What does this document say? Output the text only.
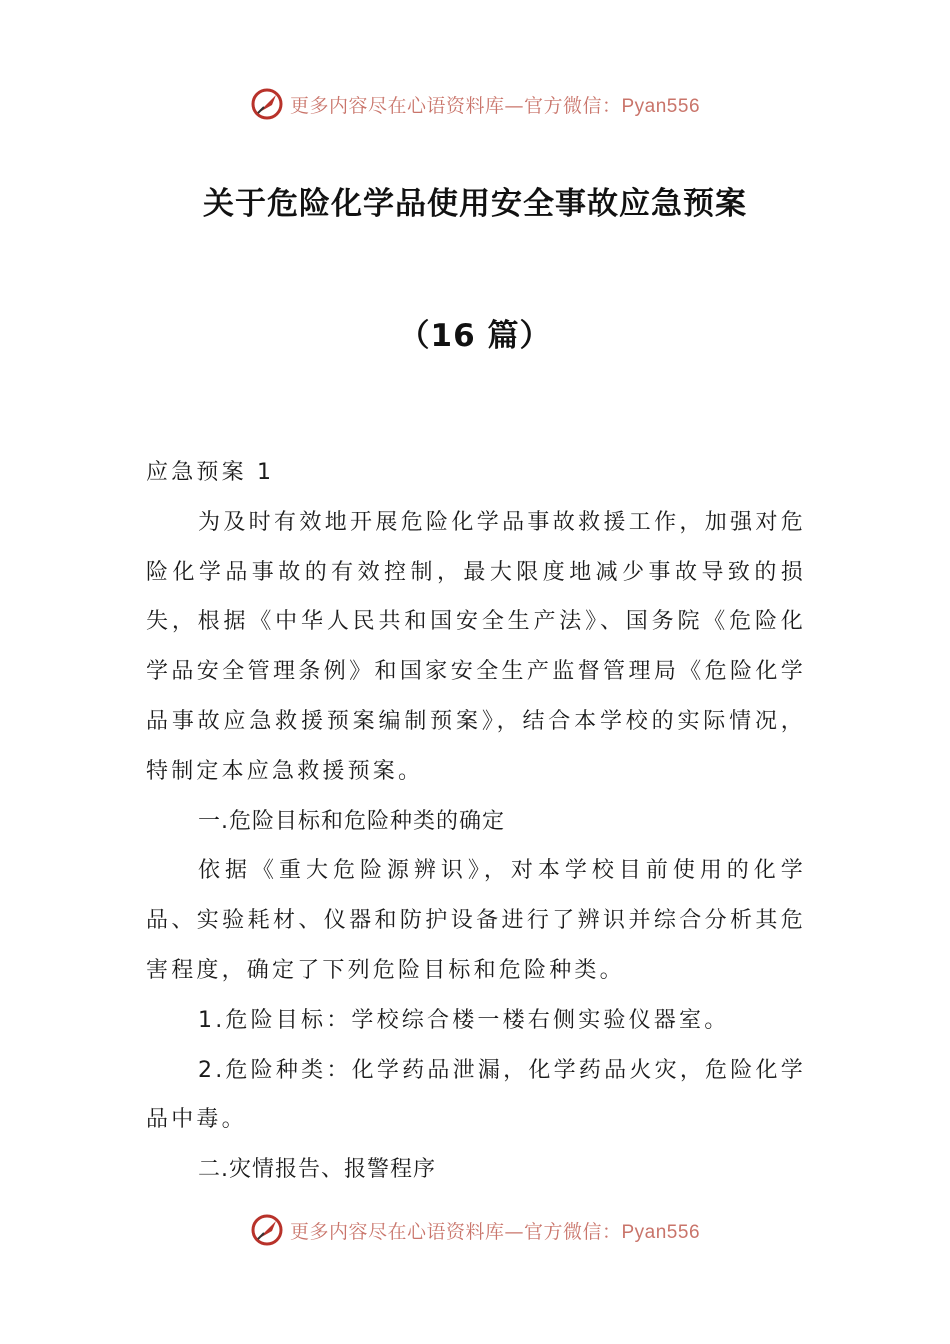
更多内容尽在心语资料库—官方微信：Pyan556
关于危险化学品使用安全事故应急预案
（16 篇）

应急预案 1

为及时有效地开展危险化学品事故救援工作，加强对危险化学品事故的有效控制，最大限度地减少事故导致的损失，根据《中华人民共和国安全生产法》、国务院《危险化学品安全管理条例》和国家安全生产监督管理局《危险化学品事故应急救援预案编制预案》，结合本学校的实际情况，特制定本应急救援预案。

一.危险目标和危险种类的确定

依据《重大危险源辨识》，对本学校目前使用的化学品、实验耗材、仪器和防护设备进行了辨识并综合分析其危害程度，确定了下列危险目标和危险种类。

1.危险目标：学校综合楼一楼右侧实验仪器室。

2.危险种类：化学药品泄漏，化学药品火灾，危险化学品中毒。

二.灾情报告、报警程序

更多内容尽在心语资料库—官方微信：Pyan556
